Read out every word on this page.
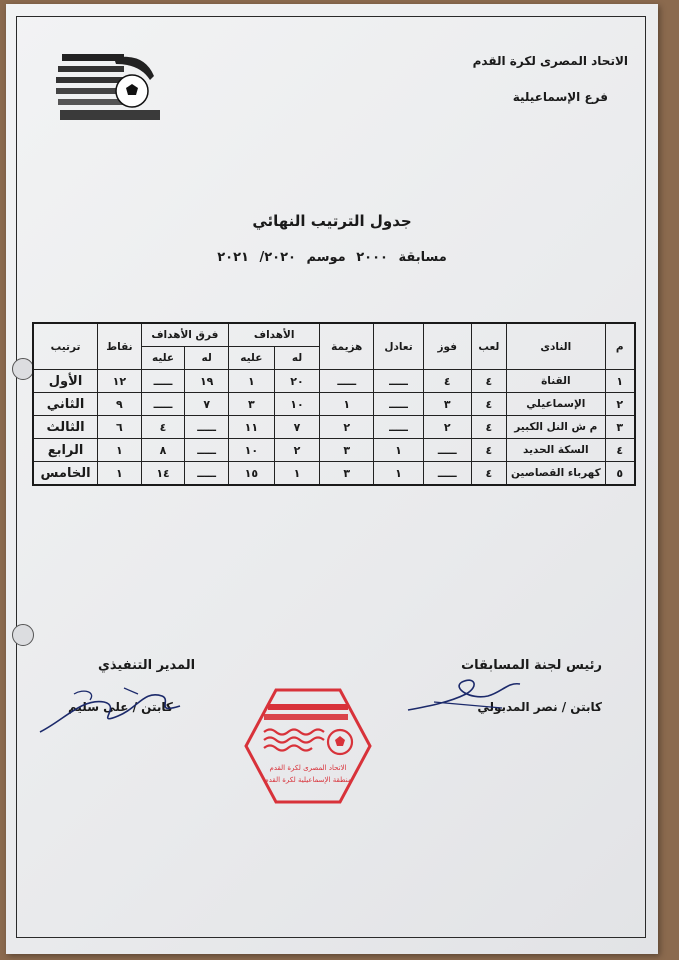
الاتحاد المصرى لكرة القدم
فرع الإسماعيلية
جدول الترتيب النهائي
مسابقة ٢٠٠٠ موسم ٢٠٢٠/ ٢٠٢١
م	النادى	لعب	فوز	تعادل	هزيمة	الأهداف		فرق الأهداف		نقاط	ترتيب
						له	عليه	له	عليه		
١	القناة	٤	٤	ـــــ	ـــــ	٢٠	١	١٩	ـــــ	١٢	الأول
٢	الإسماعيلي	٤	٣	ـــــ	١	١٠	٣	٧	ـــــ	٩	الثاني
٣	م ش النل الكبير	٤	٢	ـــــ	٢	٧	١١	ـــــ	٤	٦	الثالث
٤	السكة الحديد	٤	ـــــ	١	٣	٢	١٠	ـــــ	٨	١	الرابع
٥	كهرباء القصاصين	٤	ـــــ	١	٣	١	١٥	ـــــ	١٤	١	الخامس
المدير التنفيذي
كابتن / على سليم
رئيس لجنة المسابقات
كابتن / نصر المدبولي
الاتحاد المصرى لكرة القدم
منطقة الإسماعيلية لكرة القدم
